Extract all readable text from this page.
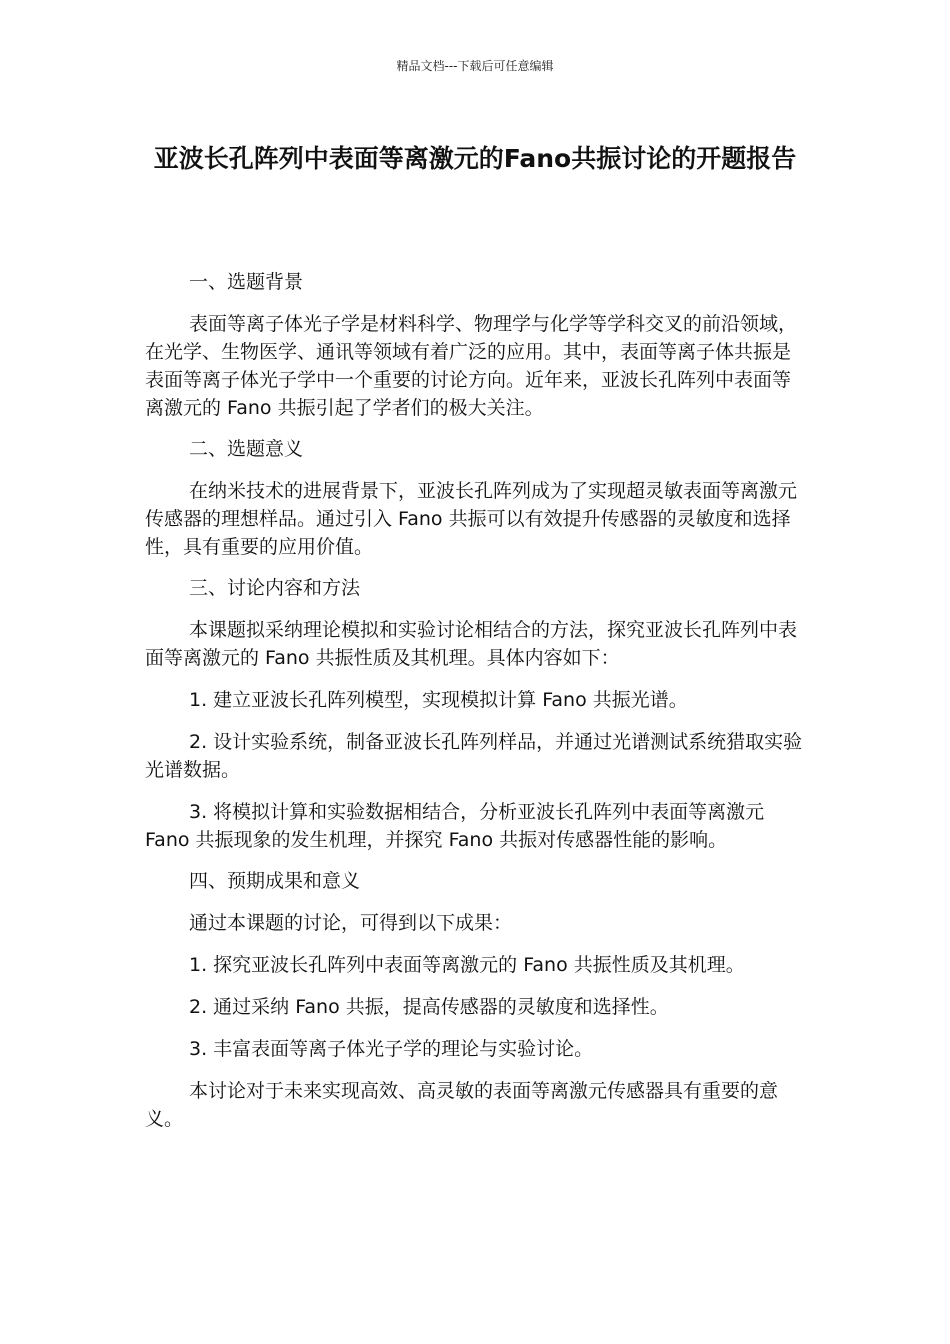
精品文档---下载后可任意编辑
亚波长孔阵列中表面等离激元的Fano共振讨论的开题报告

一、选题背景

表面等离子体光子学是材料科学、物理学与化学等学科交叉的前沿领域，在光学、生物医学、通讯等领域有着广泛的应用。其中，表面等离子体共振是表面等离子体光子学中一个重要的讨论方向。近年来，亚波长孔阵列中表面等离激元的 Fano 共振引起了学者们的极大关注。

二、选题意义

在纳米技术的进展背景下，亚波长孔阵列成为了实现超灵敏表面等离激元传感器的理想样品。通过引入 Fano 共振可以有效提升传感器的灵敏度和选择性，具有重要的应用价值。

三、讨论内容和方法

本课题拟采纳理论模拟和实验讨论相结合的方法，探究亚波长孔阵列中表面等离激元的 Fano 共振性质及其机理。具体内容如下：

1. 建立亚波长孔阵列模型，实现模拟计算 Fano 共振光谱。

2. 设计实验系统，制备亚波长孔阵列样品，并通过光谱测试系统猎取实验光谱数据。

3. 将模拟计算和实验数据相结合，分析亚波长孔阵列中表面等离激元 Fano 共振现象的发生机理，并探究 Fano 共振对传感器性能的影响。

四、预期成果和意义

通过本课题的讨论，可得到以下成果：

1. 探究亚波长孔阵列中表面等离激元的 Fano 共振性质及其机理。

2. 通过采纳 Fano 共振，提高传感器的灵敏度和选择性。

3. 丰富表面等离子体光子学的理论与实验讨论。

本讨论对于未来实现高效、高灵敏的表面等离激元传感器具有重要的意义。
